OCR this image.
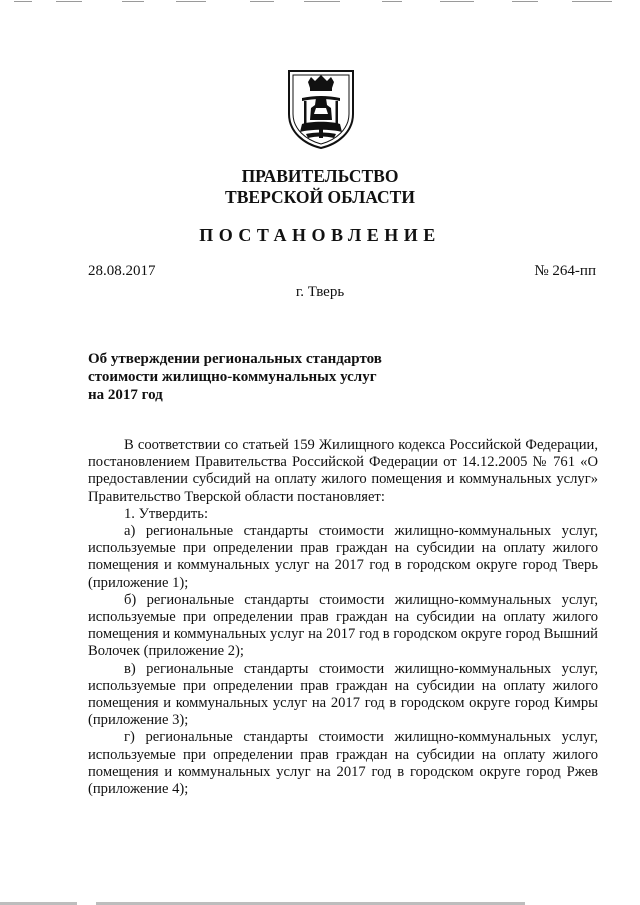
ПРАВИТЕЛЬСТВО
ТВЕРСКОЙ ОБЛАСТИ
ПОСТАНОВЛЕНИЕ
28.08.2017	№ 264-пп
г. Тверь
Об утверждении региональных стандартов
стоимости жилищно-коммунальных услуг
на 2017 год

В соответствии со статьей 159 Жилищного кодекса Российской Федерации, постановлением Правительства Российской Федерации от 14.12.2005 № 761 «О предоставлении субсидий на оплату жилого помещения и коммунальных услуг» Правительство Тверской области постановляет:

1. Утвердить:

а) региональные стандарты стоимости жилищно-коммунальных услуг, используемые при определении прав граждан на субсидии на оплату жилого помещения и коммунальных услуг на 2017 год в городском округе город Тверь (приложение 1);

б) региональные стандарты стоимости жилищно-коммунальных услуг, используемые при определении прав граждан на субсидии на оплату жилого помещения и коммунальных услуг на 2017 год в городском округе город Вышний Волочек (приложение 2);

в) региональные стандарты стоимости жилищно-коммунальных услуг, используемые при определении прав граждан на субсидии на оплату жилого помещения и коммунальных услуг на 2017 год в городском округе город Кимры (приложение 3);

г) региональные стандарты стоимости жилищно-коммунальных услуг, используемые при определении прав граждан на субсидии на оплату жилого помещения и коммунальных услуг на 2017 год в городском округе город Ржев (приложение 4);
